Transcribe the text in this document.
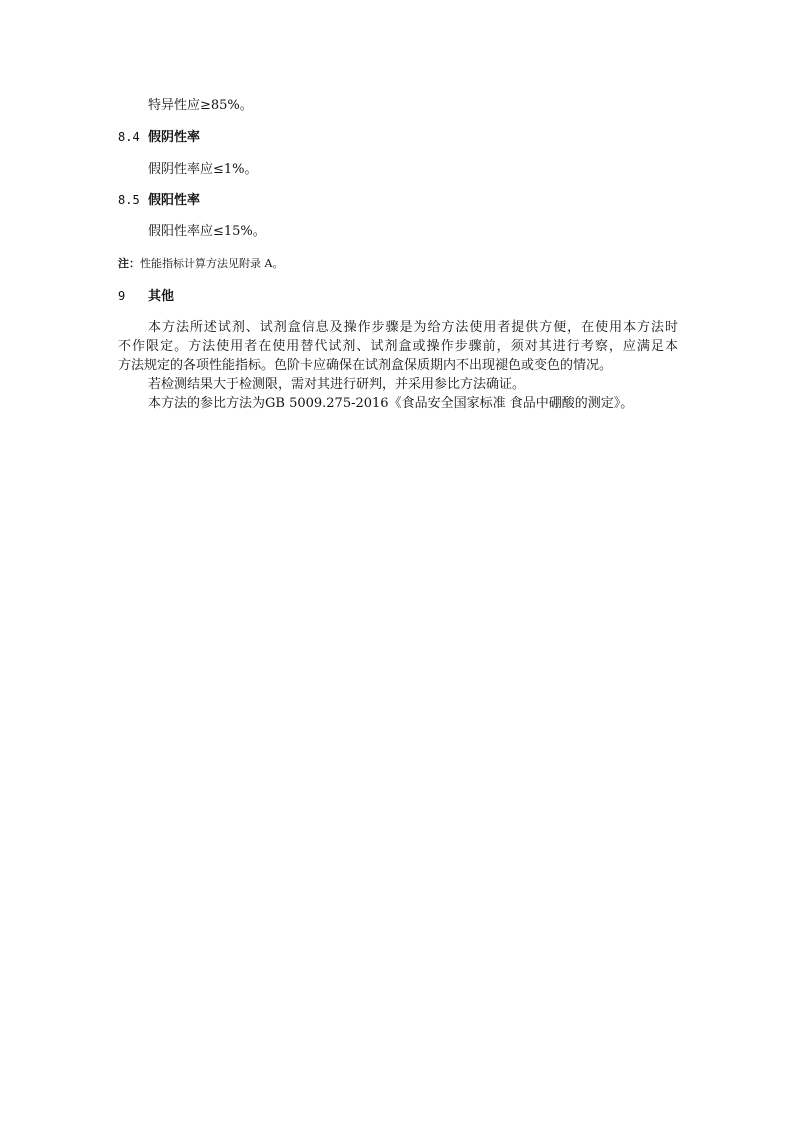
特异性应≥85%。
8.4 假阴性率
假阴性率应≤1%。
8.5 假阳性率
假阳性率应≤15%。
注：性能指标计算方法见附录 A。
9 其他
本方法所述试剂、试剂盒信息及操作步骤是为给方法使用者提供方便，在使用本方法时
不作限定。方法使用者在使用替代试剂、试剂盒或操作步骤前，须对其进行考察，应满足本
方法规定的各项性能指标。色阶卡应确保在试剂盒保质期内不出现褪色或变色的情况。
若检测结果大于检测限，需对其进行研判，并采用参比方法确证。
本方法的参比方法为GB 5009.275-2016《食品安全国家标准 食品中硼酸的测定》。
